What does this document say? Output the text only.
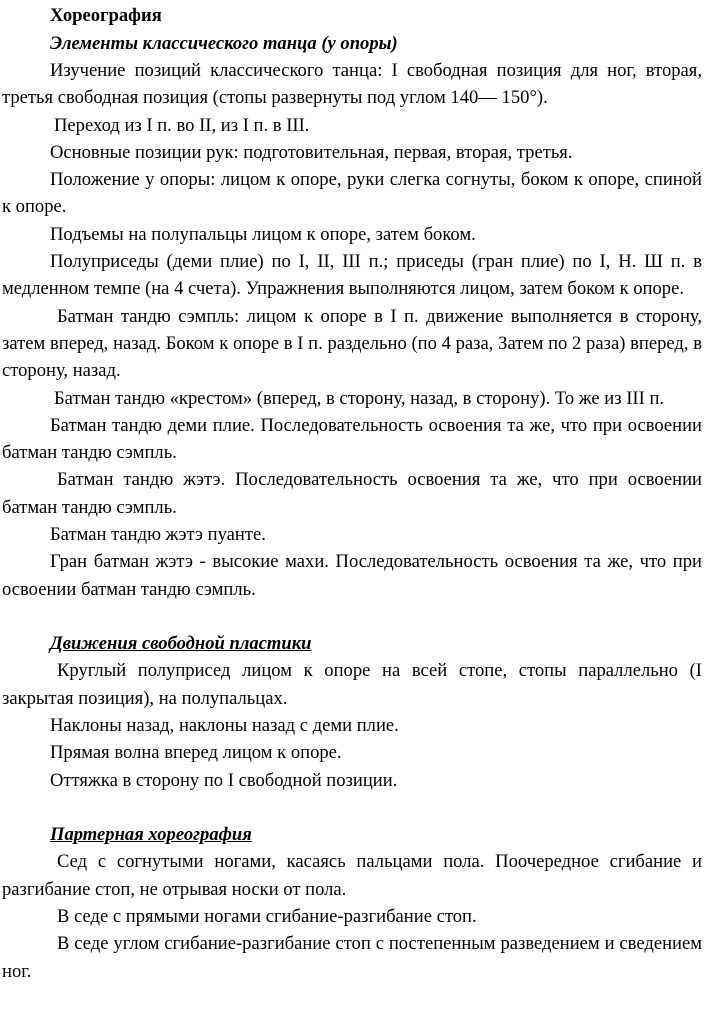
Хореография
Элементы классического танца (у опоры)

Изучение позиций классического танца: I свободная позиция для ног, вторая, третья свободная позиция (стопы развернуты под углом 140— 150°).

Переход из I п. во II, из I п. в III.

Основные позиции рук: подготовительная, первая, вторая, третья.

Положение у опоры: лицом к опоре, руки слегка согнуты, боком к опоре, спиной к опоре.

Подъемы на полупальцы лицом к опоре, затем боком.

Полуприседы (деми плие) по I, II, III п.; приседы (гран плие) по I, Н. Ш п. в медленном темпе (на 4 счета). Упражнения выполняются лицом, затем боком к опоре.

Батман тандю сэмпль: лицом к опоре в I п. движение выполняется в сторону, затем вперед, назад. Боком к опоре в I п. раздельно (по 4 раза, Затем по 2 раза) вперед, в сторону, назад.

Батман тандю «крестом» (вперед, в сторону, назад, в сторону). То же из III п.

Батман тандю деми плие. Последовательность освоения та же, что при освоении батман тандю сэмпль.

Батман тандю жэтэ. Последовательность освоения та же, что при освоении батман тандю сэмпль.

Батман тандю жэтэ пуанте.

Гран батман жэтэ - высокие махи. Последовательность освоения та же, что при освоении батман тандю сэмпль.

Движения свободной пластики

Круглый полуприсед лицом к опоре на всей стопе, стопы параллельно (I закрытая позиция), на полупальцах.

Наклоны назад, наклоны назад с деми плие.

Прямая волна вперед лицом к опоре.

Оттяжка в сторону по I свободной позиции.

Партерная хореография

Сед с согнутыми ногами, касаясь пальцами пола. Поочередное сгибание и разгибание стоп, не отрывая носки от пола.

В седе с прямыми ногами сгибание-разгибание стоп.

В седе углом сгибание-разгибание стоп с постепенным разведением и сведением ног.
